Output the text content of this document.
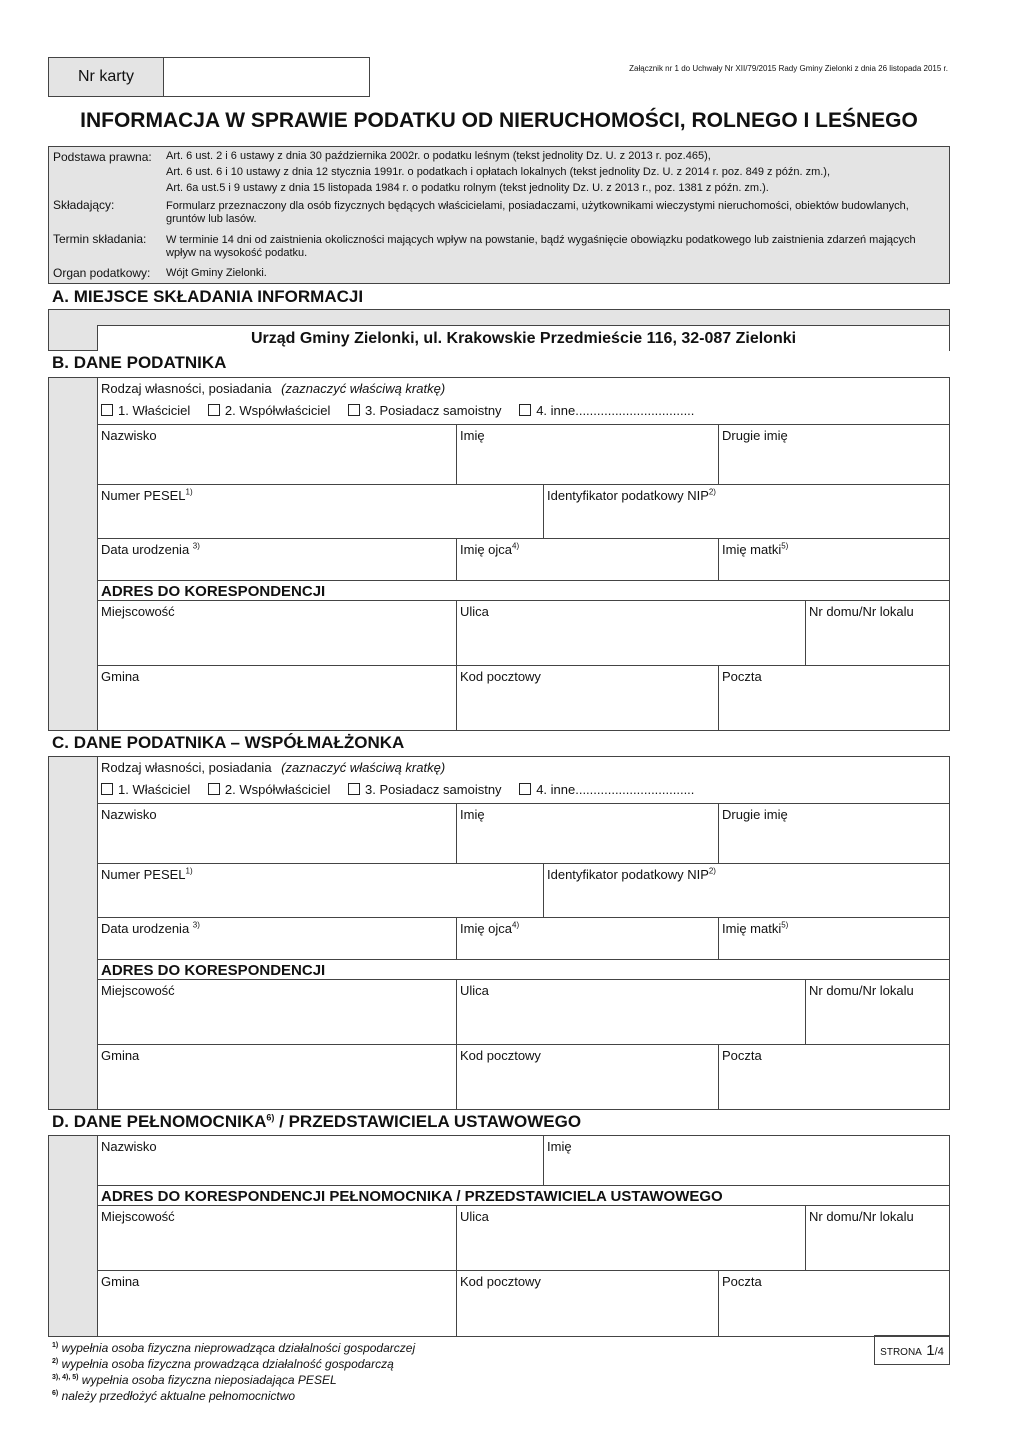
Nr karty	Załącznik nr 1 do Uchwały Nr XII/79/2015 Rady Gminy Zielonki z dnia 26 listopada 2015 r.
INFORMACJA W SPRAWIE PODATKU OD NIERUCHOMOŚCI, ROLNEGO I LEŚNEGO
Podstawa prawna: Art. 6 ust. 2 i 6 ustawy z dnia 30 października 2002r. o podatku leśnym (tekst jednolity Dz. U. z 2013 r. poz.465),
Art. 6 ust. 6 i 10 ustawy z dnia 12 stycznia 1991r. o podatkach i opłatach lokalnych (tekst jednolity Dz. U. z 2014 r. poz. 849 z późn. zm.),
Art. 6a ust.5 i 9 ustawy z dnia 15 listopada 1984 r. o podatku rolnym (tekst jednolity Dz. U. z 2013 r., poz. 1381 z późn. zm.).
Składający:	Formularz przeznaczony dla osób fizycznych będących właścicielami, posiadaczami, użytkownikami wieczystymi nieruchomości, obiektów budowlanych, gruntów lub lasów.
Termin składania: W terminie 14 dni od zaistnienia okoliczności mających wpływ na powstanie, bądź wygaśnięcie obowiązku podatkowego lub zaistnienia zdarzeń mających wpływ na wysokość podatku.
Organ podatkowy: Wójt Gminy Zielonki.
A. MIEJSCE SKŁADANIA INFORMACJI
Urząd Gminy Zielonki, ul. Krakowskie Przedmieście 116, 32-087 Zielonki
B. DANE PODATNIKA
Rodzaj własności, posiadania (zaznaczyć właściwą kratkę)
1. Właściciel	2. Współwłaściciel	3. Posiadacz samoistny	4. inne.................................
Nazwisko	Imię	Drugie imię
Numer PESEL$^{1)}$	Identyfikator podatkowy NIP$^{2)}$
Data urodzenia $^{3)}$	Imię ojca$^{4)}$	Imię matki$^{5)}$
ADRES DO KORESPONDENCJI
Miejscowość	Ulica	Nr domu/Nr lokalu
Gmina	Kod pocztowy	Poczta
C. DANE PODATNIKA – WSPÓŁMAŁŻONKA
Rodzaj własności, posiadania (zaznaczyć właściwą kratkę)
1. Właściciel	2. Współwłaściciel	3. Posiadacz samoistny	4. inne.................................
Nazwisko	Imię	Drugie imię
Numer PESEL$^{1)}$	Identyfikator podatkowy NIP$^{2)}$
Data urodzenia $^{3)}$	Imię ojca$^{4)}$	Imię matki$^{5)}$
ADRES DO KORESPONDENCJI
Miejscowość	Ulica	Nr domu/Nr lokalu
Gmina	Kod pocztowy	Poczta
D. DANE PEŁNOMOCNIKA$^{6)}$ / PRZEDSTAWICIELA USTAWOWEGO
Nazwisko	Imię
ADRES DO KORESPONDENCJI PEŁNOMOCNIKA / PRZEDSTAWICIELA USTAWOWEGO
Miejscowość	Ulica	Nr domu/Nr lokalu
Gmina	Kod pocztowy	Poczta
$^{1)}$ wypełnia osoba fizyczna nieprowadząca działalności gospodarczej
$^{2)}$ wypełnia osoba fizyczna prowadząca działalność gospodarczą
$^{3), 4), 5)}$ wypełnia osoba fizyczna nieposiadająca PESEL
$^{6)}$ należy przedłożyć aktualne pełnomocnictwo
STRONA 1/4
